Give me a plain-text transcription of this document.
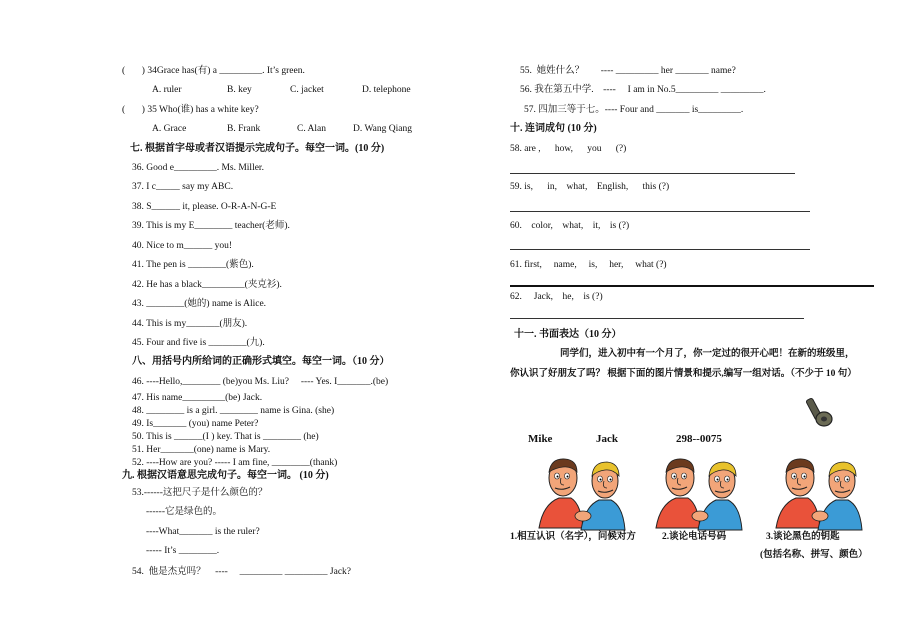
(       ) 34Grace has(有) a _________. It’s green.
A. ruler	B. key	C. jacket	D. telephone
(       ) 35 Who(谁) has a white key?
A. Grace	B. Frank	C. Alan	D. Wang Qiang
七. 根据首字母或者汉语提示完成句子。每空一词。(10 分)
36. Good e_________. Ms. Miller.
37. I c_____ say my ABC.
38. S______ it, please. O-R-A-N-G-E
39. This is my E________ teacher(老师).
40. Nice to m______ you!
41. The pen is ________(紫色).
42. He has a black_________(夹克衫).
43. ________(她的) name is Alice.
44. This is my_______(朋友).
45. Four and five is ________(九).
八、用括号内所给词的正确形式填空。每空一词。（10 分）
46. ----Hello,________ (be)you Ms. Liu?     ---- Yes. I_______.(be)
47. His name_________(be) Jack.
48. ________ is a girl. ________ name is Gina. (she)
49. Is_______ (you) name Peter?
50. This is ______(I ) key. That is ________ (he)
51. Her_______(one) name is Mary.
52. ----How are you? ----- I am fine, ________(thank)
九. 根据汉语意思完成句子。每空一词。 (10 分)
53.------这把尺子是什么颜色的？
------它是绿色的。
----What_______ is the ruler?
----- It’s ________.
54.  他是杰克吗？    ----     _________ _________ Jack?
55.  她姓什么？       ---- _________ her _______ name?
56. 我在第五中学.    ----     I am in No.5_________ _________.
57. 四加三等于七。---- Four and _______ is_________.
十. 连词成句 (10 分)
58. are ,      how,      you      (?)
59. is,      in,    what,    English,      this (?)
60.    color,    what,    it,    is (?)
61. first,     name,     is,     her,     what (?)
62.     Jack,    he,    is (?)
十一. 书面表达（10 分）
同学们，进入初中有一个月了，你一定过的很开心吧！在新的班级里，
你认识了好朋友了吗？ 根据下面的图片情景和提示,编写一组对话。（不少于 10 句）
Mike	Jack	298--0075
1.相互认识（名字），问候对方	2.谈论电话号码	3.谈论黑色的钥匙
(包括名称、拼写、颜色）
